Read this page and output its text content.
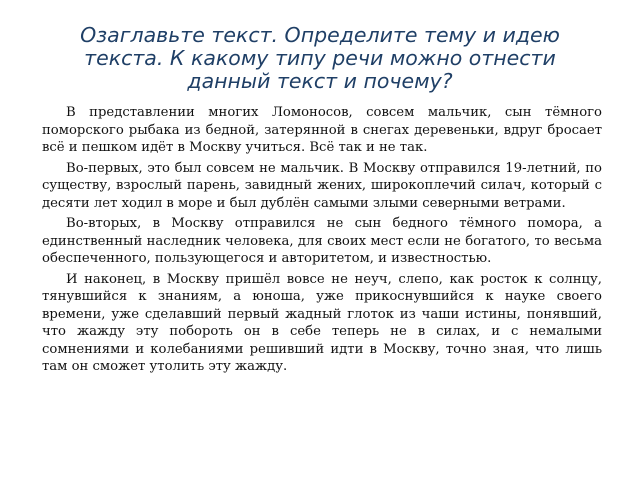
Озаглавьте текст. Определите тему и идею текста. К какому типу речи можно отнести данный текст и почему?

В представлении многих Ломоносов, совсем мальчик, сын тёмного поморского рыбака из бедной, затерянной в снегах деревеньки, вдруг бросает всё и пешком идёт в Москву учиться. Всё так и не так.

Во-первых, это был совсем не мальчик. В Москву отправился 19-летний, по существу, взрослый парень, завидный жених, широкоплечий силач, который с десяти лет ходил в море и был дублён самыми злыми северными ветрами.

Во-вторых, в Москву отправился не сын бедного тёмного помора, а единственный наследник человека, для своих мест если не богатого, то весьма обеспеченного, пользующегося и авторитетом, и известностью.

И наконец, в Москву пришёл вовсе не неуч, слепо, как росток к солнцу, тянувшийся к знаниям, а юноша, уже прикоснувшийся к науке своего времени, уже сделавший первый жадный глоток из чаши истины, понявший, что жажду эту побороть он в себе теперь не в силах, и с немалыми сомнениями и колебаниями решивший идти в Москву, точно зная, что лишь там он сможет утолить эту жажду.
